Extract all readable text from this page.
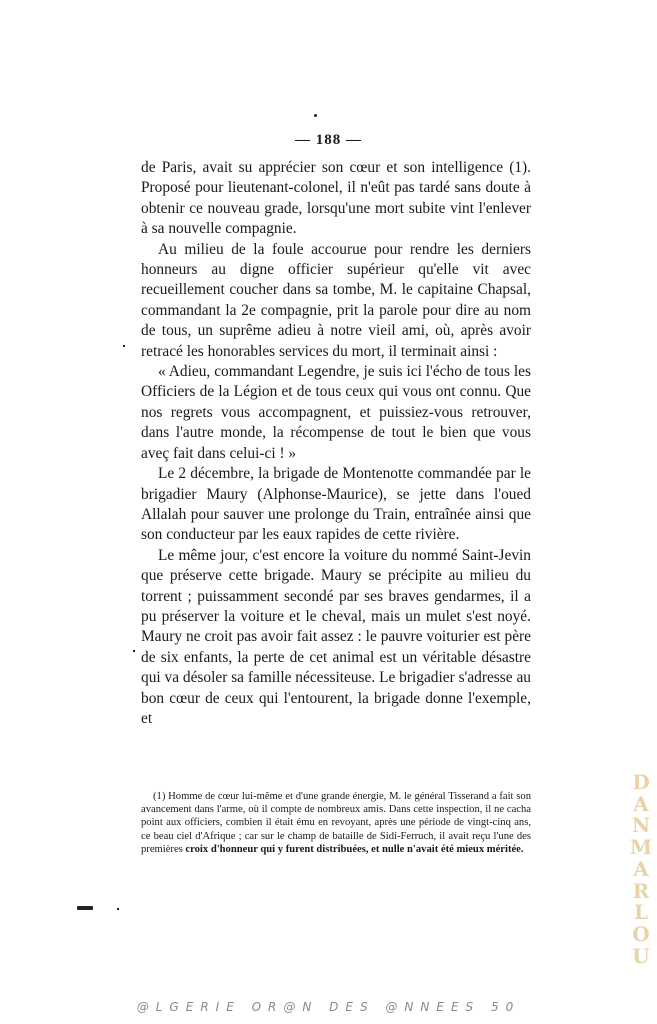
— 188 —

de Paris, avait su apprécier son cœur et son intelligence (1). Proposé pour lieutenant-colonel, il n'eût pas tardé sans doute à obtenir ce nouveau grade, lorsqu'une mort subite vint l'enlever à sa nouvelle compagnie.

Au milieu de la foule accourue pour rendre les derniers honneurs au digne officier supérieur qu'elle vit avec recueillement coucher dans sa tombe, M. le capitaine Chapsal, commandant la 2e compagnie, prit la parole pour dire au nom de tous, un suprême adieu à notre vieil ami, où, après avoir retracé les honorables services du mort, il terminait ainsi :

« Adieu, commandant Legendre, je suis ici l'écho de tous les Officiers de la Légion et de tous ceux qui vous ont connu. Que nos regrets vous accompagnent, et puissiez-vous retrouver, dans l'autre monde, la récompense de tout le bien que vous aveç fait dans celui-ci ! »

Le 2 décembre, la brigade de Montenotte commandée par le brigadier Maury (Alphonse-Maurice), se jette dans l'oued Allalah pour sauver une prolonge du Train, entraînée ainsi que son conducteur par les eaux rapides de cette rivière.

Le même jour, c'est encore la voiture du nommé Saint-Jevin que préserve cette brigade. Maury se précipite au milieu du torrent ; puissamment secondé par ses braves gendarmes, il a pu préserver la voiture et le cheval, mais un mulet s'est noyé. Maury ne croit pas avoir fait assez : le pauvre voiturier est père de six enfants, la perte de cet animal est un véritable désastre qui va désoler sa famille nécessiteuse. Le brigadier s'adresse au bon cœur de ceux qui l'entourent, la brigade donne l'exemple, et

(1) Homme de cœur lui-même et d'une grande énergie, M. le général Tisserand a fait son avancement dans l'arme, où il compte de nombreux amis. Dans cette inspection, il ne cacha point aux officiers, combien il était ému en revoyant, après une période de vingt-cinq ans, ce beau ciel d'Afrique ; car sur le champ de bataille de Sidi-Ferruch, il avait reçu l'une des premières croix d'honneur qui y furent distribuées, et nulle n'avait été mieux méritée.

D
A
N
M
A
R
L
O
U
@LGERIE OR@N DES @NNEES 50
